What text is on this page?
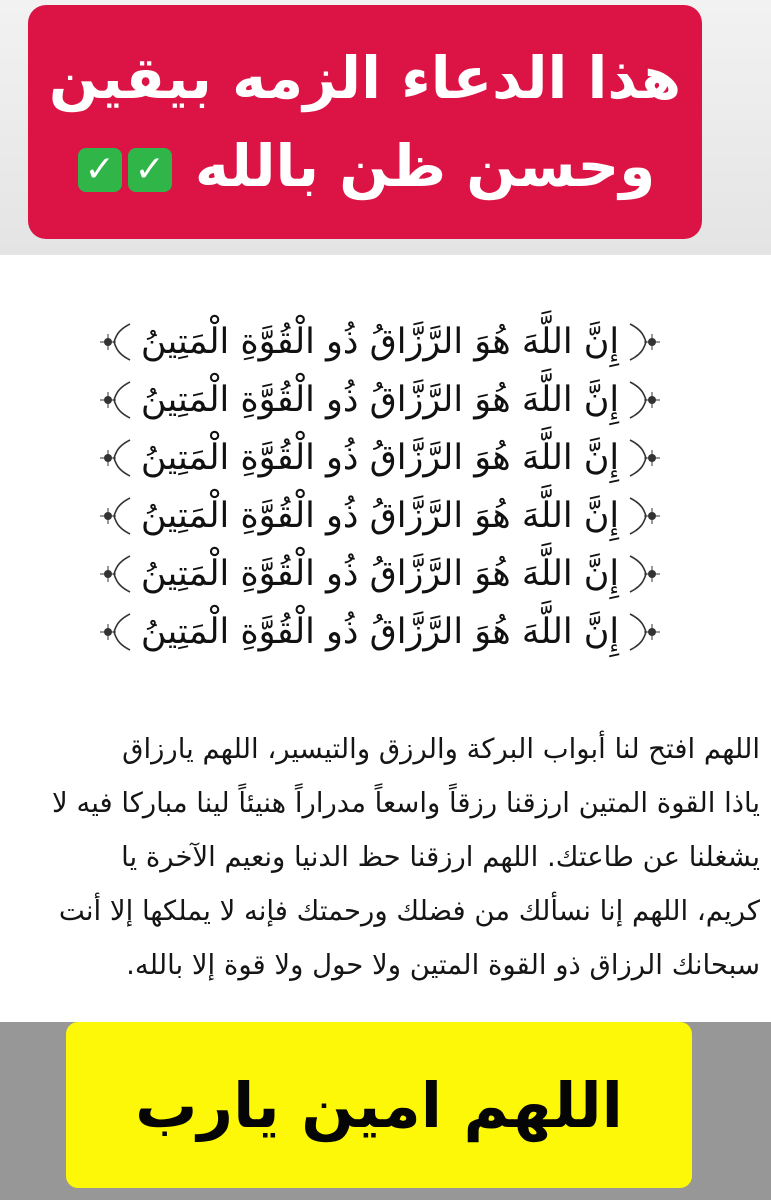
هذا الدعاء الزمه بيقين
وحسن ظن بالله ✓✓
إِنَّ اللَّهَ هُوَ الرَّزَّاقُ ذُو الْقُوَّةِ الْمَتِينُ
إِنَّ اللَّهَ هُوَ الرَّزَّاقُ ذُو الْقُوَّةِ الْمَتِينُ
إِنَّ اللَّهَ هُوَ الرَّزَّاقُ ذُو الْقُوَّةِ الْمَتِينُ
إِنَّ اللَّهَ هُوَ الرَّزَّاقُ ذُو الْقُوَّةِ الْمَتِينُ
إِنَّ اللَّهَ هُوَ الرَّزَّاقُ ذُو الْقُوَّةِ الْمَتِينُ
إِنَّ اللَّهَ هُوَ الرَّزَّاقُ ذُو الْقُوَّةِ الْمَتِينُ
اللهم افتح لنا أبواب البركة والرزق والتيسير، اللهم يارزاق
ياذا القوة المتين ارزقنا رزقاً واسعاً مدراراً هنيئاً لينا مباركا فيه لا
يشغلنا عن طاعتك. اللهم ارزقنا حظ الدنيا ونعيم الآخرة يا
كريم، اللهم إنا نسألك من فضلك ورحمتك فإنه لا يملكها إلا أنت
سبحانك الرزاق ذو القوة المتين ولا حول ولا قوة إلا بالله.
اللهم امين يارب
